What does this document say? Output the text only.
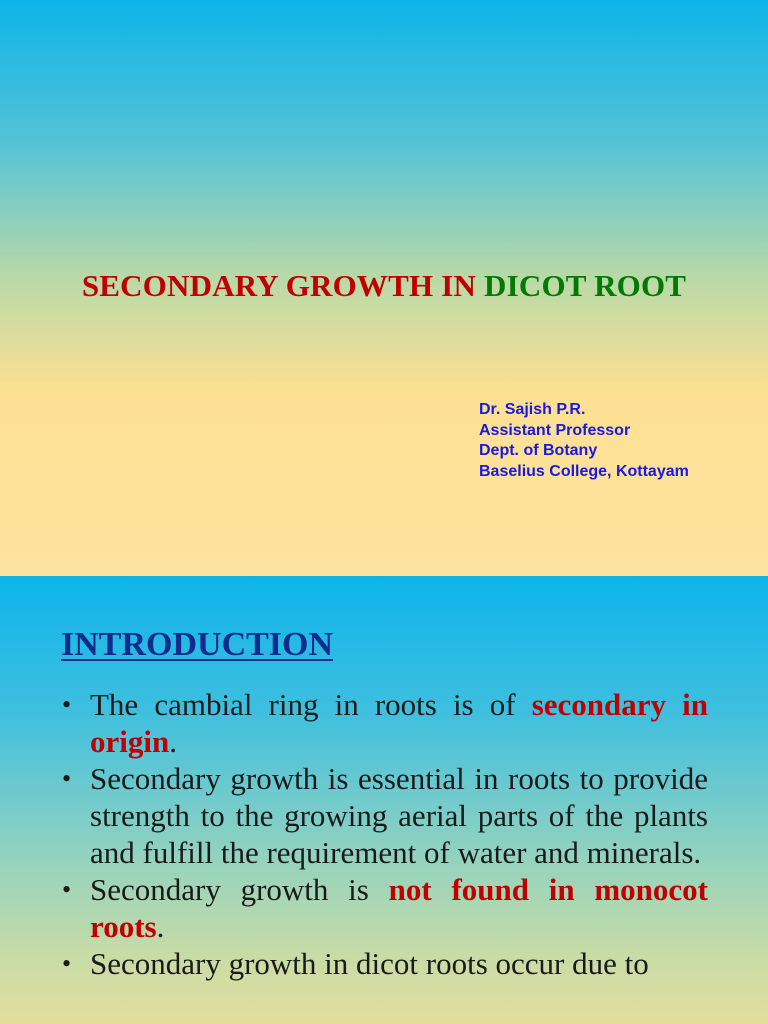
SECONDARY GROWTH IN DICOT ROOT
Dr. Sajish P.R.
Assistant Professor
Dept. of Botany
Baselius College, Kottayam
INTRODUCTION
• The cambial ring in roots is of secondary in origin.
• Secondary growth is essential in roots to provide strength to the growing aerial parts of the plants and fulfill the requirement of water and minerals.
• Secondary growth is not found in monocot roots.
• Secondary growth in dicot roots occur due to
